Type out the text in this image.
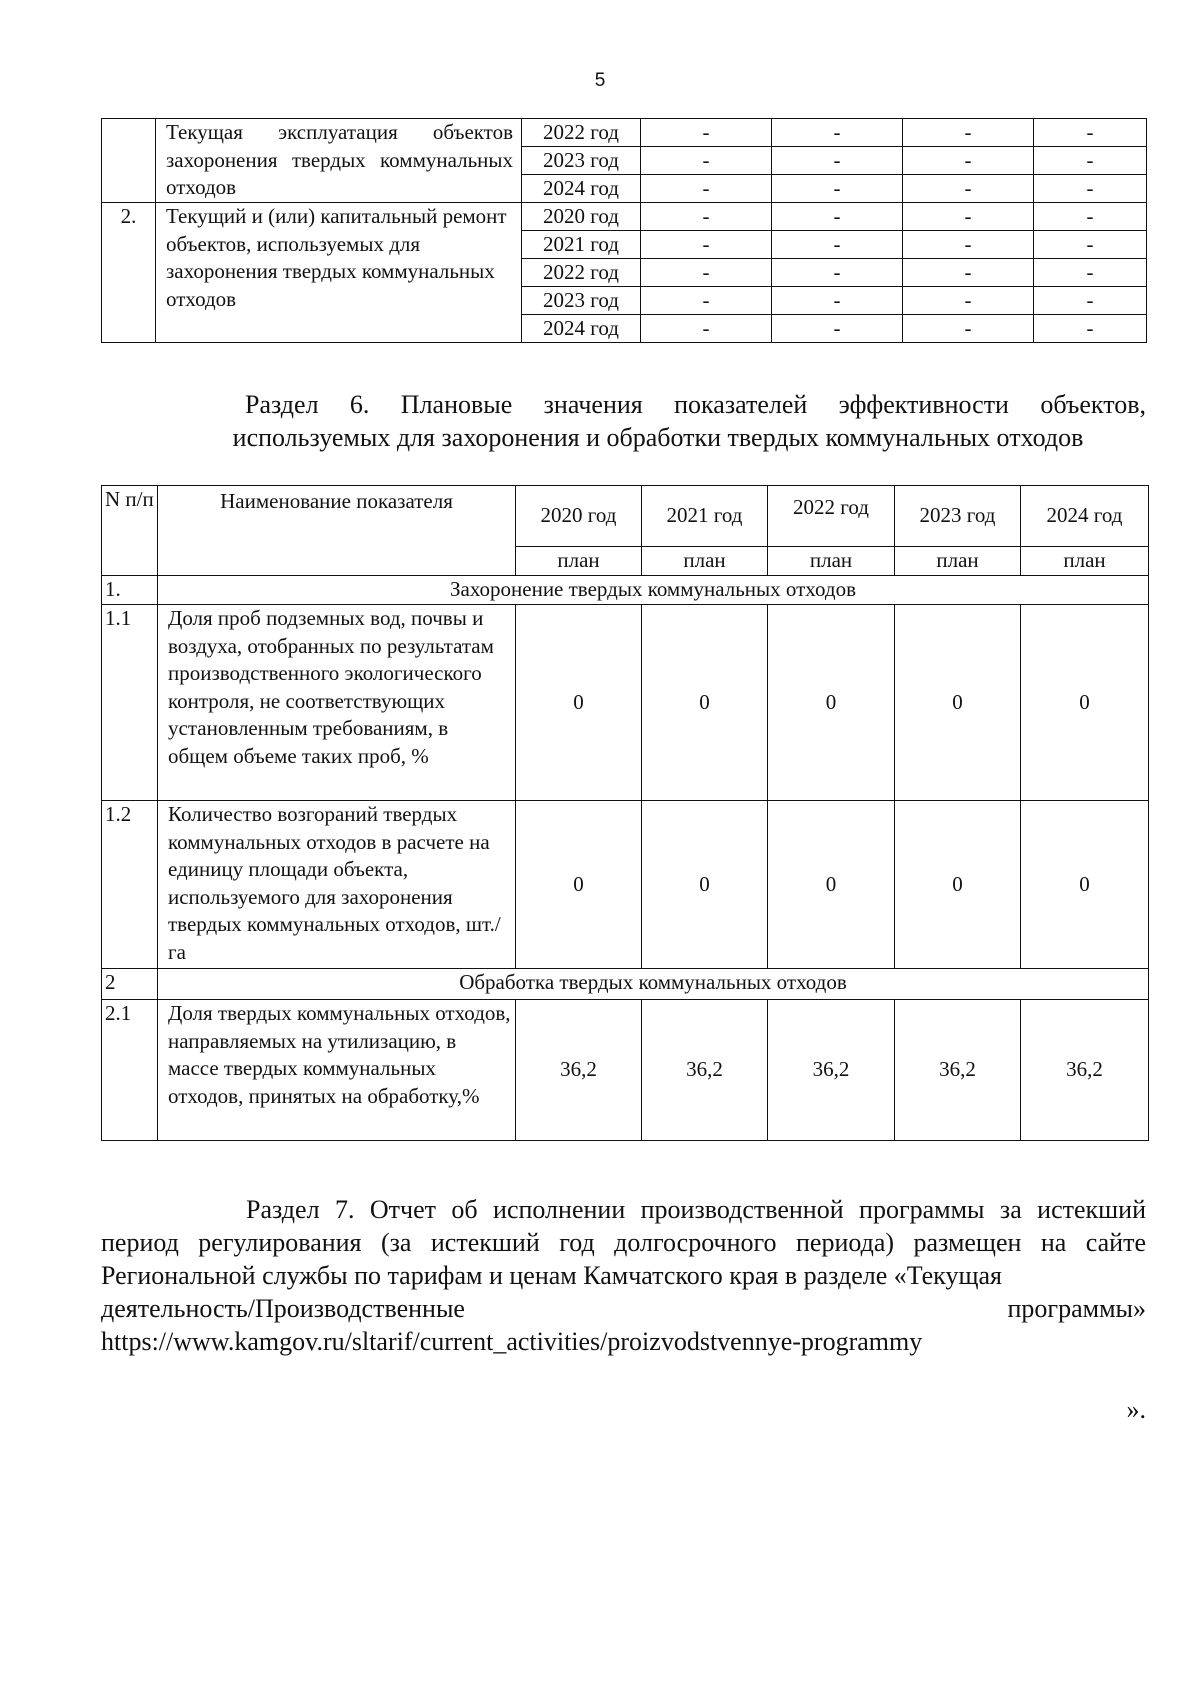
5
	Текущая эксплуатация объектов захоронения твердых коммунальных отходов	2022 год	-	-	-	-
		2023 год	-	-	-	-
		2024 год	-	-	-	-
2.	Текущий и (или) капитальный ремонт объектов, используемых для захоронения твердых коммунальных отходов	2020 год	-	-	-	-
		2021 год	-	-	-	-
		2022 год	-	-	-	-
		2023 год	-	-	-	-
		2024 год	-	-	-	-
Раздел 6. Плановые значения показателей эффективности объектов,
используемых для захоронения и обработки твердых коммунальных отходов
N п/п	Наименование показателя	2020 год	2021 год	2022 год	2023 год	2024 год
		план	план	план	план	план
1.	Захоронение твердых коммунальных отходов					
1.1	Доля проб подземных вод, почвы и воздуха, отобранных по результатам производственного экологического контроля, не соответствующих установленным требованиям, в общем объеме таких проб, %	0	0	0	0	0
1.2	Количество возгораний твердых коммунальных отходов в расчете на единицу площади объекта, используемого для захоронения твердых коммунальных отходов, шт./га	0	0	0	0	0
2	Обработка твердых коммунальных отходов					
2.1	Доля твердых коммунальных отходов, направляемых на утилизацию, в массе твердых коммунальных отходов, принятых на обработку,%	36,2	36,2	36,2	36,2	36,2
Раздел 7. Отчет об исполнении производственной программы за истекший период регулирования (за истекший год долгосрочного периода) размещен на сайте Региональной службы по тарифам и ценам Камчатского края в разделе «Текущая
деятельность/Производственные программы»
https://www.kamgov.ru/sltarif/current_activities/proizvodstvennye-programmy
».
